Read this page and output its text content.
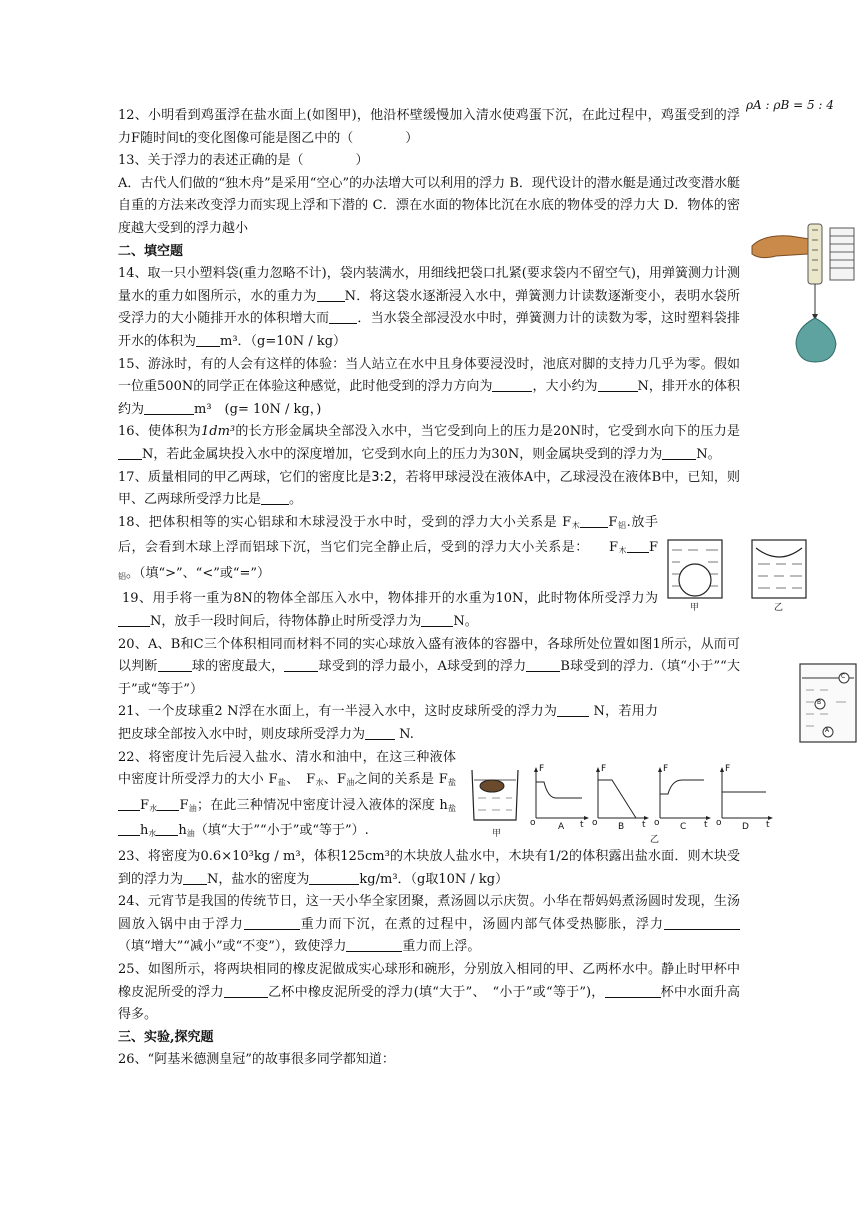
ρA : ρB = 5 : 4

12、小明看到鸡蛋浮在盐水面上(如图甲)，他沿杯壁缓慢加入清水使鸡蛋下沉，在此过程中，鸡蛋受到的浮力F随时间t的变化图像可能是图乙中的（　　　　）

13、关于浮力的表述正确的是（　　　　）

A．古代人们做的“独木舟”是采用“空心”的办法增大可以利用的浮力 B．现代设计的潜水艇是通过改变潜水艇自重的方法来改变浮力而实现上浮和下潜的 C．漂在水面的物体比沉在水底的物体受的浮力大 D．物体的密度越大受到的浮力越小

二、填空题

14、取一只小塑料袋(重力忽略不计)，袋内装满水，用细线把袋口扎紧(要求袋内不留空气)，用弹簧测力计测量水的重力如图所示，水的重力为 N．将这袋水逐渐浸入水中，弹簧测力计读数逐渐变小，表明水袋所受浮力的大小随排开水的体积增大而 ．当水袋全部浸没水中时，弹簧测力计的读数为零，这时塑料袋排开水的体积为 m³．（g=10N / kg）

15、游泳时，有的人会有这样的体验：当人站立在水中且身体要浸没时，池底对脚的支持力几乎为零。假如一位重500N的同学正在体验这种感觉，此时他受到的浮力方向为	，大小约为	N，排开水的体积约为	m³　(g= 10N / kg，)

16、使体积为1dm³的长方形金属块全部没入水中，当它受到向上的压力是20N时，它受到水向下的压力是N，若此金属块投入水中的深度增加，它受到水向上的压力为30N，则金属块受到的浮力为	N。

17、质量相同的甲乙两球，它们的密度比是3:2，若将甲球浸没在液体A中，乙球浸没在液体B中，已知，则甲、乙两球所受浮力比是 。

18、把体积相等的实心铝球和木球浸没于水中时，受到的浮力大小关系是 $F_木$ $F_铝$.放手后，会看到木球上浮而铝球下沉，当它们完全静止后，受到的浮力大小关系是：　　$F_木$ $F_铝$。（填“>”、“<”或“=”）

19、用手将一重为8N的物体全部压入水中，物体排开的水重为10N，此时物体所受浮力为N，放手一段时间后，待物体静止时所受浮力为 N。

20、A、B和C三个体积相同而材料不同的实心球放入盛有液体的容器中，各球所处位置如图1所示，从而可以判断	球的密度最大，	球受到的浮力最小，A球受到的浮力	B球受到的浮力.（填“小于”“大于”或“等于”）

21、一个皮球重2 N浮在水面上，有一半浸入水中，这时皮球所受的浮力为 N，若用力把皮球全部按入水中时，则皮球所受浮力为 N.

22、将密度计先后浸入盐水、清水和油中，在这三种液体中密度计所受浮力的大小 $F_盐$、　$F_水$、$F_油$之间的关系是 $F_盐F_水$ $F_油$；在此三种情况中密度计浸入液体的深度 $h_盐h_水$ $h_油$（填“大于”“小于”或“等于”）.

23、将密度为0.6×10³kg / m³，体积125cm³的木块放人盐水中，木块有1/2的体积露出盐水面．则木块受到的浮力为 N，盐水的密度为	kg/m³．（g取10N / kg）

24、元宵节是我国的传统节日，这一天小华全家团聚，煮汤圆以示庆贺。小华在帮妈妈煮汤圆时发现，生汤圆放入锅中由于浮力	重力而下沉，在煮的过程中，汤圆内部气体受热膨胀，浮力（填“增大”“减小”或“不变”），致使浮力	重力而上浮。

25、如图所示，将两块相同的橡皮泥做成实心球形和碗形，分别放入相同的甲、乙两杯水中。静止时甲杯中橡皮泥所受的浮力	乙杯中橡皮泥所受的浮力(填“大于”、　“小于”或“等于”)，	杯中水面升高得多。

三、实验,探究题

26、“阿基米德测皇冠”的故事很多同学都知道：

甲	乙
C
B
A
甲
F	F	F	F
o	o	o	o
t	t	t	t
A	B	C	D
乙
